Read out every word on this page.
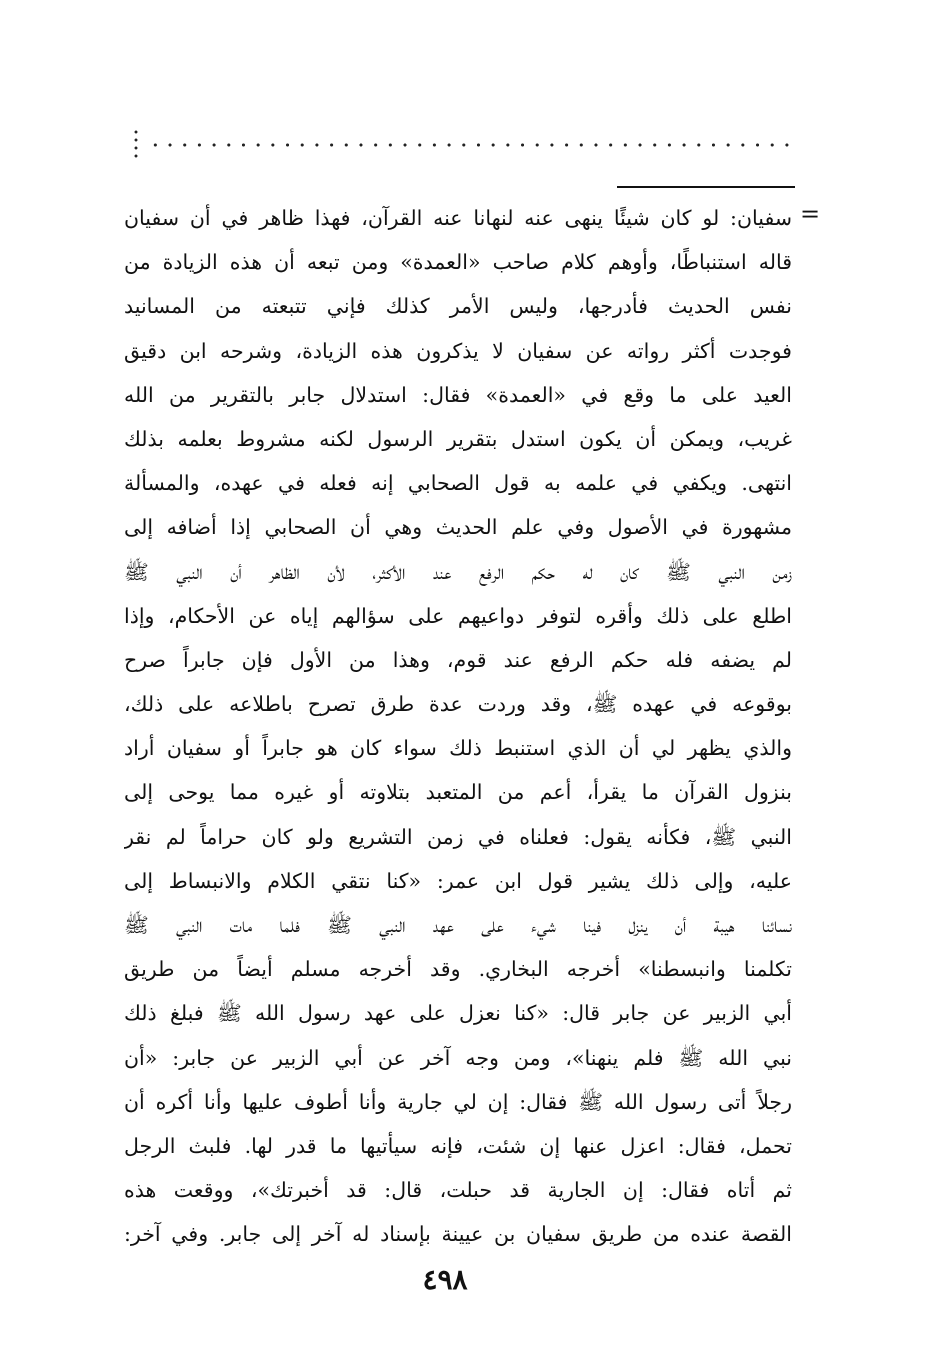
=
سفيان: لو كان شيئًا ينهى عنه لنهانا عنه القرآن، فهذا ظاهر في أن سفيان
قاله استنباطًا، وأوهم كلام صاحب «العمدة» ومن تبعه أن هذه الزيادة من
نفس الحديث فأدرجها، وليس الأمر كذلك فإني تتبعته من المسانيد
فوجدت أكثر رواته عن سفيان لا يذكرون هذه الزيادة، وشرحه ابن دقيق
العيد على ما وقع في «العمدة» فقال: استدلال جابر بالتقرير من الله
غريب، ويمكن أن يكون استدل بتقرير الرسول لكنه مشروط بعلمه بذلك
انتهى. ويكفي في علمه به قول الصحابي إنه فعله في عهده، والمسألة
مشهورة في الأصول وفي علم الحديث وهي أن الصحابي إذا أضافه إلى
زمن النبي ﷺ كان له حكم الرفع عند الأكثر، لأن الظاهر أن النبي ﷺ
اطلع على ذلك وأقره لتوفر دواعيهم على سؤالهم إياه عن الأحكام، وإذا
لم يضفه فله حكم الرفع عند قوم، وهذا من الأول فإن جابراً صرح
بوقوعه في عهده ﷺ، وقد وردت عدة طرق تصرح باطلاعه على ذلك،
والذي يظهر لي أن الذي استنبط ذلك سواء كان هو جابراً أو سفيان أراد
بنزول القرآن ما يقرأ، أعم من المتعبد بتلاوته أو غيره مما يوحى إلى
النبي ﷺ، فكأنه يقول: فعلناه في زمن التشريع ولو كان حراماً لم نقر
عليه، وإلى ذلك يشير قول ابن عمر: «كنا نتقي الكلام والانبساط إلى
نسائنا هيبة أن ينزل فينا شيء على عهد النبي ﷺ فلما مات النبي ﷺ
تكلمنا وانبسطنا» أخرجه البخاري. وقد أخرجه مسلم أيضاً من طريق
أبي الزبير عن جابر قال: «كنا نعزل على عهد رسول الله ﷺ فبلغ ذلك
نبي الله ﷺ فلم ينهنا»، ومن وجه آخر عن أبي الزبير عن جابر: «أن
رجلاً أتى رسول الله ﷺ فقال: إن لي جارية وأنا أطوف عليها وأنا أكره أن
تحمل، فقال: اعزل عنها إن شئت، فإنه سيأتيها ما قدر لها. فلبث الرجل
ثم أتاه فقال: إن الجارية قد حبلت، قال: قد أخبرتك»، ووقعت هذه
القصة عنده من طريق سفيان بن عيينة بإسناد له آخر إلى جابر. وفي آخر:
٤٩٨
